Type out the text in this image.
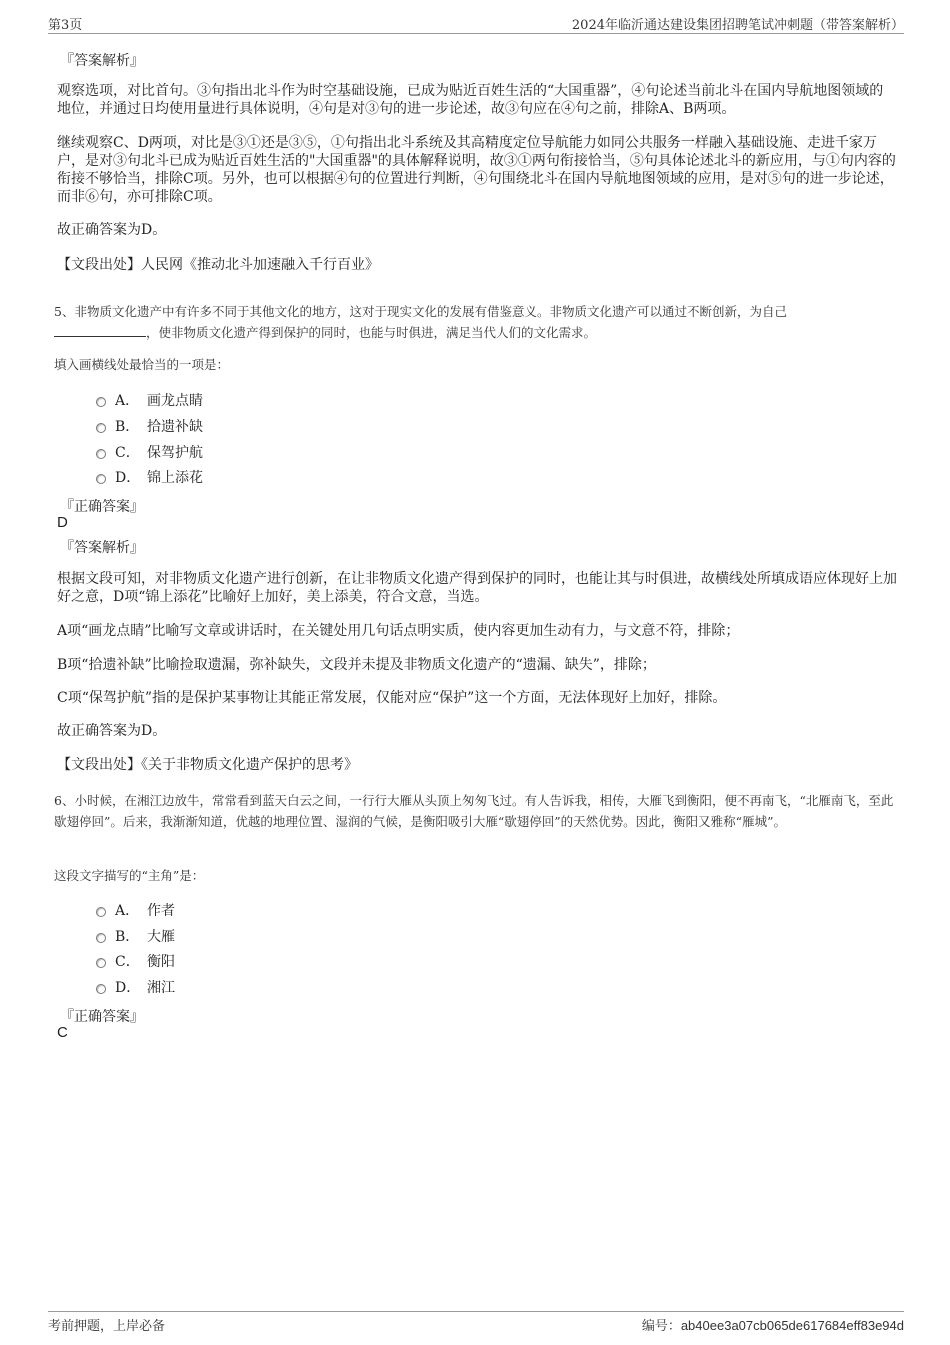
第3页	2024年临沂通达建设集团招聘笔试冲刺题（带答案解析）
『答案解析』
观察选项，对比首句。③句指出北斗作为时空基础设施，已成为贴近百姓生活的“大国重器”，④句论述当前北斗在国内导航地图领域的地位，并通过日均使用量进行具体说明，④句是对③句的进一步论述，故③句应在④句之前，排除A、B两项。
继续观察C、D两项，对比是③①还是③⑤，①句指出北斗系统及其高精度定位导航能力如同公共服务一样融入基础设施、走进千家万户，是对③句北斗已成为贴近百姓生活的"大国重器"的具体解释说明，故③①两句衔接恰当，⑤句具体论述北斗的新应用，与①句内容的衔接不够恰当，排除C项。另外，也可以根据④句的位置进行判断，④句围绕北斗在国内导航地图领域的应用，是对⑤句的进一步论述，而非⑥句，亦可排除C项。
故正确答案为D。
【文段出处】人民网《推动北斗加速融入千行百业》
5、非物质文化遗产中有许多不同于其他文化的地方，这对于现实文化的发展有借鉴意义。非物质文化遗产可以通过不断创新，为自己
，使非物质文化遗产得到保护的同时，也能与时俱进，满足当代人们的文化需求。
填入画横线处最恰当的一项是：
A． 画龙点睛
B． 拾遗补缺
C． 保驾护航
D． 锦上添花
『正确答案』
D
『答案解析』
根据文段可知，对非物质文化遗产进行创新，在让非物质文化遗产得到保护的同时，也能让其与时俱进，故横线处所填成语应体现好上加好之意，D项“锦上添花”比喻好上加好，美上添美，符合文意，当选。
A项“画龙点睛”比喻写文章或讲话时，在关键处用几句话点明实质，使内容更加生动有力，与文意不符，排除；
B项“拾遗补缺”比喻捡取遗漏，弥补缺失，文段并未提及非物质文化遗产的“遗漏、缺失”，排除；
C项“保驾护航”指的是保护某事物让其能正常发展，仅能对应“保护”这一个方面，无法体现好上加好，排除。
故正确答案为D。
【文段出处】《关于非物质文化遗产保护的思考》
6、小时候，在湘江边放牛，常常看到蓝天白云之间，一行行大雁从头顶上匆匆飞过。有人告诉我，相传，大雁飞到衡阳，便不再南飞，“北雁南飞，至此歇翅停回”。后来，我渐渐知道，优越的地理位置、湿润的气候，是衡阳吸引大雁“歇翅停回”的天然优势。因此，衡阳又雅称“雁城”。
这段文字描写的“主角”是：
A． 作者
B． 大雁
C． 衡阳
D． 湘江
『正确答案』
C
考前押题，上岸必备	编号：ab40ee3a07cb065de617684eff83e94d
